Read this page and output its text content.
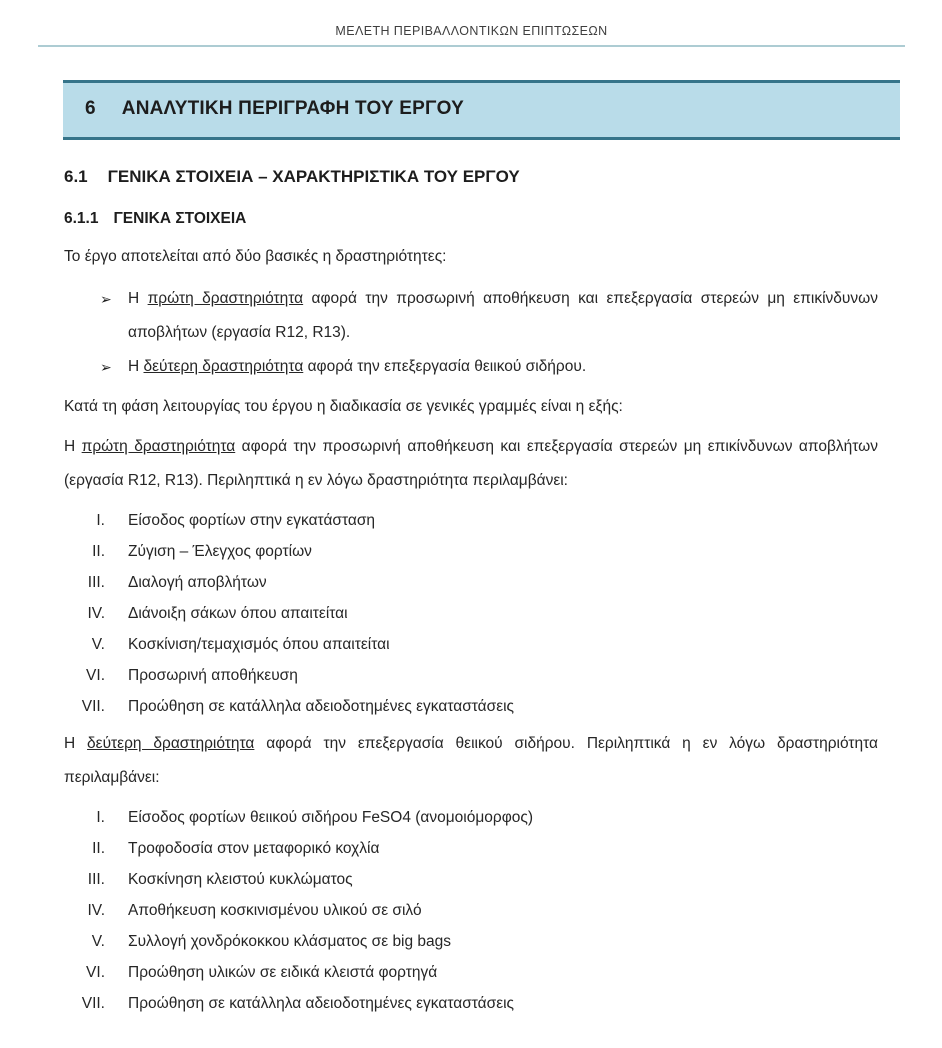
ΜΕΛΕΤΗ ΠΕΡΙΒΑΛΛΟΝΤΙΚΩΝ ΕΠΙΠΤΩΣΕΩΝ
6 ΑΝΑΛΥΤΙΚΗ ΠΕΡΙΓΡΑΦΗ ΤΟΥ ΕΡΓΟΥ
6.1 ΓΕΝΙΚΑ ΣΤΟΙΧΕΙΑ – ΧΑΡΑΚΤΗΡΙΣΤΙΚΑ ΤΟΥ ΕΡΓΟΥ
6.1.1 ΓΕΝΙΚΑ ΣΤΟΙΧΕΙΑ
Το έργο αποτελείται από δύο βασικές η δραστηριότητες:
➢	Η πρώτη δραστηριότητα αφορά την προσωρινή αποθήκευση και επεξεργασία στερεών μη επικίνδυνων αποβλήτων (εργασία R12, R13).
➢	Η δεύτερη δραστηριότητα αφορά την επεξεργασία θειικού σιδήρου.
Κατά τη φάση λειτουργίας του έργου η διαδικασία σε γενικές γραμμές είναι η εξής:
Η πρώτη δραστηριότητα αφορά την προσωρινή αποθήκευση και επεξεργασία στερεών μη επικίνδυνων αποβλήτων (εργασία R12, R13). Περιληπτικά η εν λόγω δραστηριότητα περιλαμβάνει:
I. Είσοδος φορτίων στην εγκατάσταση
II. Ζύγιση – Έλεγχος φορτίων
III. Διαλογή αποβλήτων
IV. Διάνοιξη σάκων όπου απαιτείται
V. Κοσκίνιση/τεμαχισμός όπου απαιτείται
VI. Προσωρινή αποθήκευση
VII. Προώθηση σε κατάλληλα αδειοδοτημένες εγκαταστάσεις
Η δεύτερη δραστηριότητα αφορά την επεξεργασία θειικού σιδήρου. Περιληπτικά η εν λόγω δραστηριότητα περιλαμβάνει:
I. Είσοδος φορτίων θειικού σιδήρου FeSO4 (ανομοιόμορφος)
II. Τροφοδοσία στον μεταφορικό κοχλία
III. Κοσκίνηση κλειστού κυκλώματος
IV. Αποθήκευση κοσκινισμένου υλικού σε σιλό
V. Συλλογή χονδρόκοκκου κλάσματος σε big bags
VI. Προώθηση υλικών σε ειδικά κλειστά φορτηγά
VII. Προώθηση σε κατάλληλα αδειοδοτημένες εγκαταστάσεις
